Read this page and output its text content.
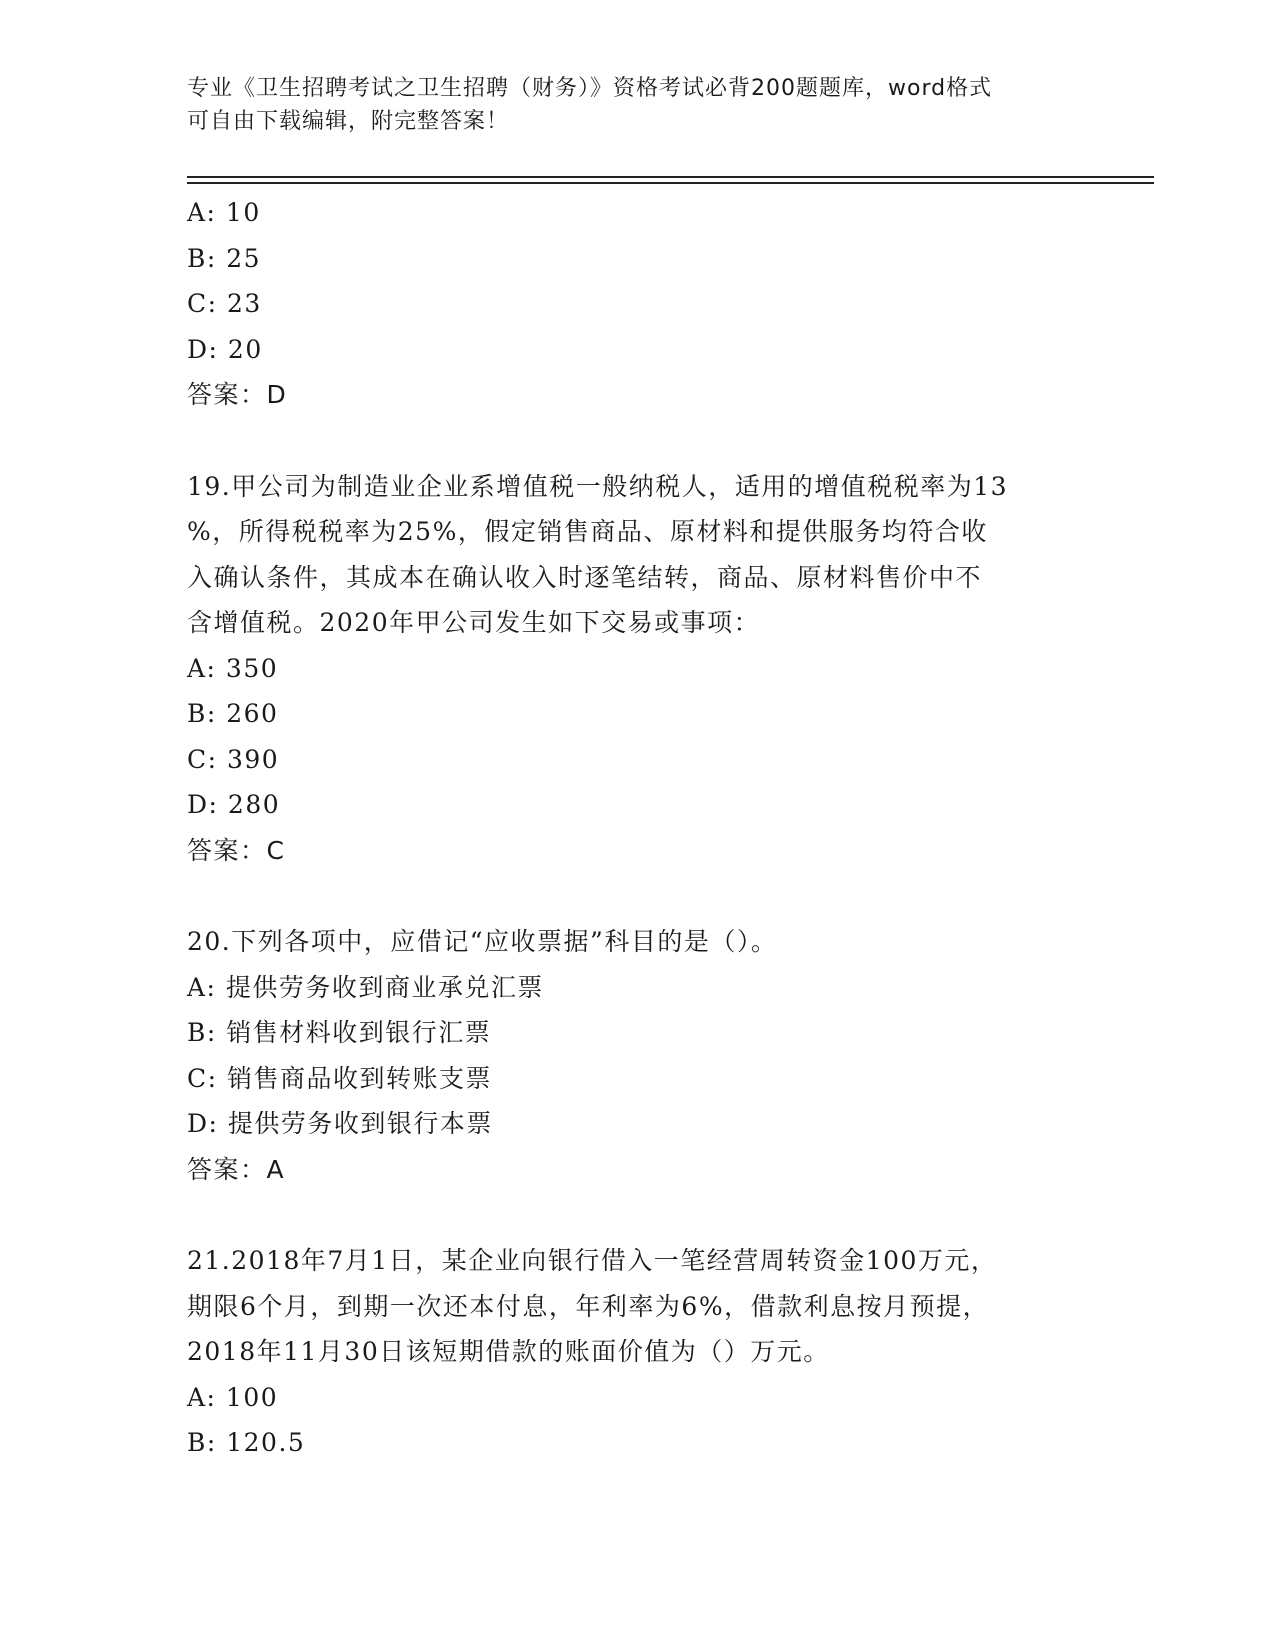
专业《卫生招聘考试之卫生招聘（财务）》资格考试必背200题题库，word格式
可自由下载编辑，附完整答案！
A: 10
B: 25
C: 23
D: 20
答案：D
19.甲公司为制造业企业系增值税一般纳税人，适用的增值税税率为13
%，所得税税率为25%，假定销售商品、原材料和提供服务均符合收
入确认条件，其成本在确认收入时逐笔结转，商品、原材料售价中不
含增值税。2020年甲公司发生如下交易或事项：
A: 350
B: 260
C: 390
D: 280
答案：C
20.下列各项中，应借记“应收票据”科目的是（）。
A: 提供劳务收到商业承兑汇票
B: 销售材料收到银行汇票
C: 销售商品收到转账支票
D: 提供劳务收到银行本票
答案：A
21.2018年7月1日，某企业向银行借入一笔经营周转资金100万元，
期限6个月，到期一次还本付息，年利率为6%，借款利息按月预提，
2018年11月30日该短期借款的账面价值为（）万元。
A: 100
B: 120.5
